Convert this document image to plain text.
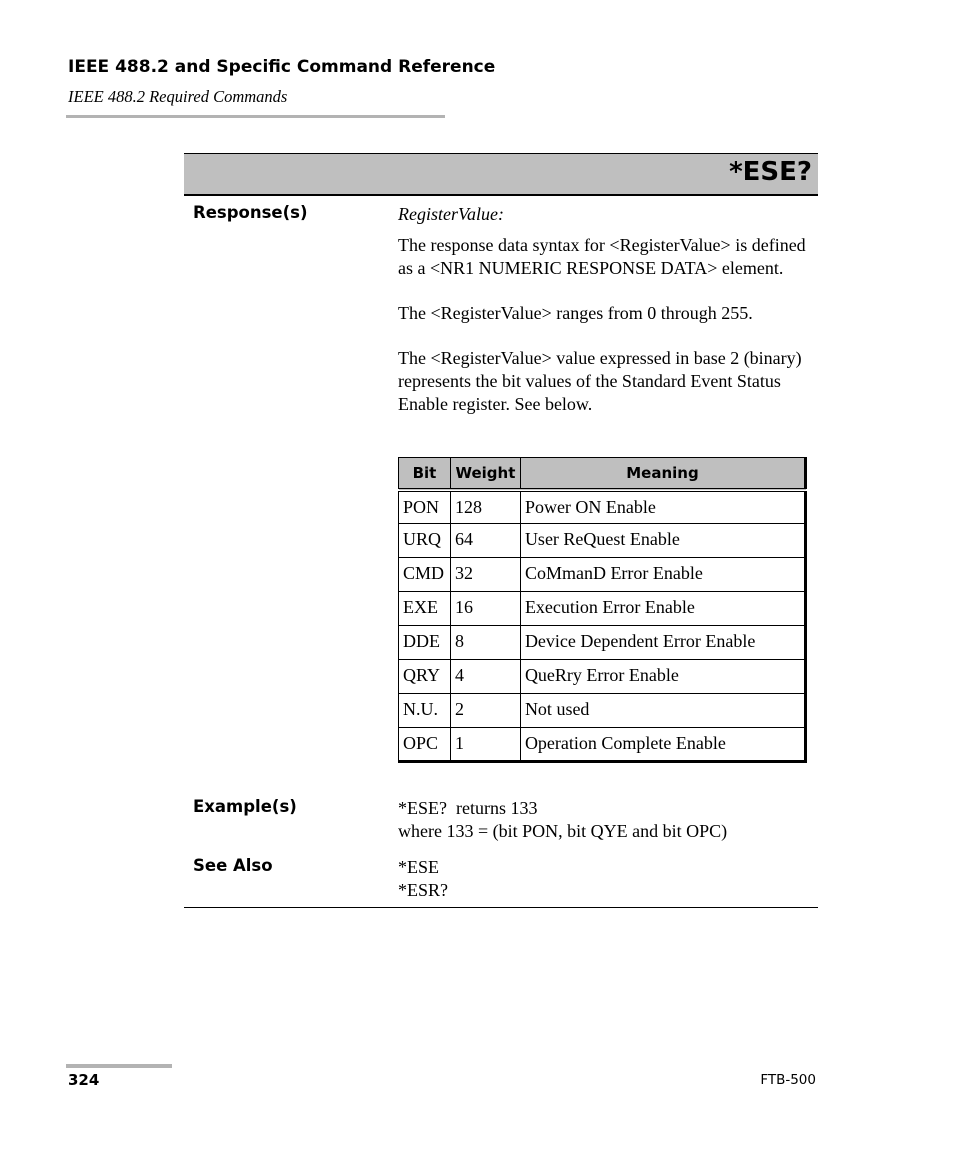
IEEE 488.2 and Specific Command Reference
IEEE 488.2 Required Commands
*ESE?
Response(s)	RegisterValue:

The response data syntax for <RegisterValue> is defined as a <NR1 NUMERIC RESPONSE DATA> element.

The <RegisterValue> ranges from 0 through 255.

The <RegisterValue> value expressed in base 2 (binary) represents the bit values of the Standard Event Status Enable register. See below.

Bit	Weight	Meaning
PON	128	Power ON Enable
URQ	64	User ReQuest Enable
CMD	32	CoMmanD Error Enable
EXE	16	Execution Error Enable
DDE	8	Device Dependent Error Enable
QRY	4	QueRry Error Enable
N.U.	2	Not used
OPC	1	Operation Complete Enable
Example(s)	*ESE?  returns 133

where 133 = (bit PON, bit QYE and bit OPC)

See Also	*ESE

*ESR?

324	FTB-500
